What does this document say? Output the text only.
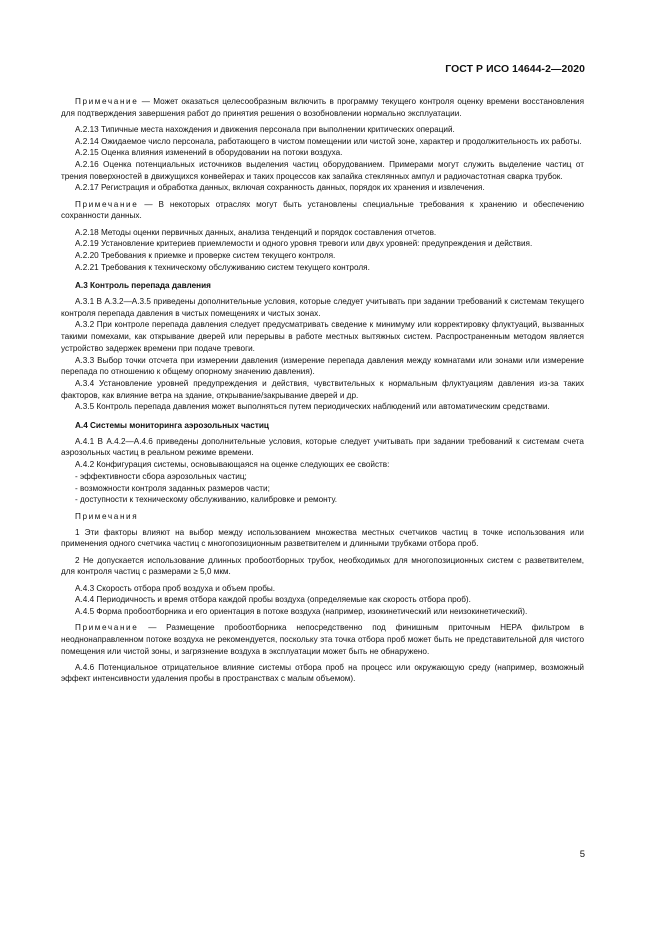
ГОСТ Р ИСО 14644-2—2020

Примечание — Может оказаться целесообразным включить в программу текущего контроля оценку времени восстановления для подтверждения завершения работ до принятия решения о возобновлении нормально эксплуатации.

А.2.13 Типичные места нахождения и движения персонала при выполнении критических операций.

А.2.14 Ожидаемое число персонала, работающего в чистом помещении или чистой зоне, характер и продолжительность их работы.

А.2.15 Оценка влияния изменений в оборудовании на потоки воздуха.

А.2.16 Оценка потенциальных источников выделения частиц оборудованием. Примерами могут служить выделение частиц от трения поверхностей в движущихся конвейерах и таких процессов как запайка стеклянных ампул и радиочастотная сварка трубок.

А.2.17 Регистрация и обработка данных, включая сохранность данных, порядок их хранения и извлечения.

Примечание — В некоторых отраслях могут быть установлены специальные требования к хранению и обеспечению сохранности данных.

А.2.18 Методы оценки первичных данных, анализа тенденций и порядок составления отчетов.

А.2.19 Установление критериев приемлемости и одного уровня тревоги или двух уровней: предупреждения и действия.

А.2.20 Требования к приемке и проверке систем текущего контроля.

А.2.21 Требования к техническому обслуживанию систем текущего контроля.

А.3 Контроль перепада давления

А.3.1 В А.3.2—А.3.5 приведены дополнительные условия, которые следует учитывать при задании требований к системам текущего контроля перепада давления в чистых помещениях и чистых зонах.

А.3.2 При контроле перепада давления следует предусматривать сведение к минимуму или корректировку флуктуаций, вызванных такими помехами, как открывание дверей или перерывы в работе местных вытяжных систем. Распространенным методом является устройство задержек времени при подаче тревоги.

А.3.3 Выбор точки отсчета при измерении давления (измерение перепада давления между комнатами или зонами или измерение перепада по отношению к общему опорному значению давления).

А.3.4 Установление уровней предупреждения и действия, чувствительных к нормальным флуктуациям давления из-за таких факторов, как влияние ветра на здание, открывание/закрывание дверей и др.

А.3.5 Контроль перепада давления может выполняться путем периодических наблюдений или автоматическим средствами.

А.4 Системы мониторинга аэрозольных частиц

А.4.1 В А.4.2—А.4.6 приведены дополнительные условия, которые следует учитывать при задании требований к системам счета аэрозольных частиц в реальном режиме времени.

А.4.2 Конфигурация системы, основывающаяся на оценке следующих ее свойств:

- эффективности сбора аэрозольных частиц;

- возможности контроля заданных размеров части;

- доступности к техническому обслуживанию, калибровке и ремонту.

Примечания

1 Эти факторы влияют на выбор между использованием множества местных счетчиков частиц в точке использования или применения одного счетчика частиц с многопозиционным разветвителем и длинными трубками отбора проб.

2 Не допускается использование длинных пробоотборных трубок, необходимых для многопозиционных систем с разветвителем, для контроля частиц с размерами ≥ 5,0 мкм.

А.4.3 Скорость отбора проб воздуха и объем пробы.

А.4.4 Периодичность и время отбора каждой пробы воздуха (определяемые как скорость отбора проб).

А.4.5 Форма пробоотборника и его ориентация в потоке воздуха (например, изокинетический или неизокинетический).

Примечание — Размещение пробоотборника непосредственно под финишным приточным НЕРА фильтром в неоднонаправленном потоке воздуха не рекомендуется, поскольку эта точка отбора проб может быть не представительной для чистого помещения или чистой зоны, и загрязнение воздуха в эксплуатации может быть не обнаружено.

А.4.6 Потенциальное отрицательное влияние системы отбора проб на процесс или окружающую среду (например, возможный эффект интенсивности удаления пробы в пространствах с малым объемом).

5
